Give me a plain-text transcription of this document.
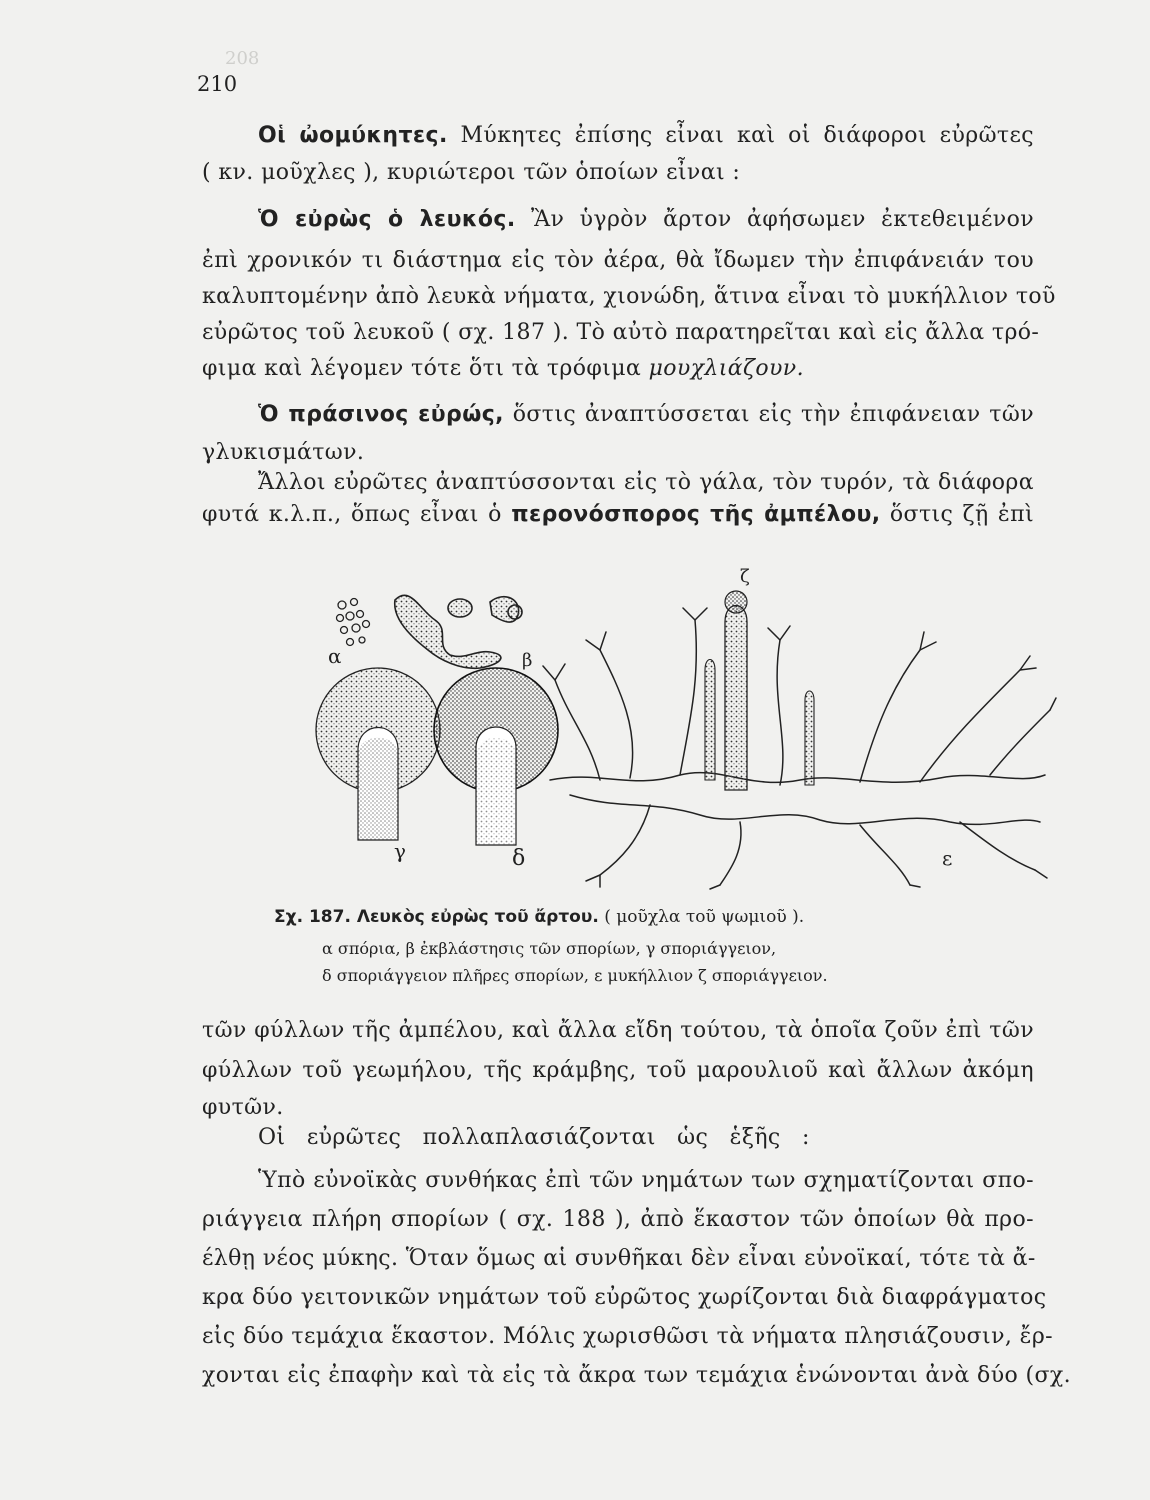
208
210
Οἱ ὠομύκητες. Μύκητες ἐπίσης εἶναι καὶ οἱ διάφοροι εὐρῶτες
( κν. μοῦχλες ), κυριώτεροι τῶν ὁποίων εἶναι :
Ὁ εὐρὼς ὁ λευκός. Ἂν ὑγρὸν ἄρτον ἀφήσωμεν ἐκτεθειμένον
ἐπὶ χρονικόν τι διάστημα εἰς τὸν ἀέρα, θὰ ἴδωμεν τὴν ἐπιφάνειάν του
καλυπτομένην ἀπὸ λευκὰ νήματα, χιονώδη, ἅτινα εἶναι τὸ μυκήλλιον τοῦ
εὐρῶτος τοῦ λευκοῦ ( σχ. 187 ). Τὸ αὐτὸ παρατηρεῖται καὶ εἰς ἄλλα τρό-
φιμα καὶ λέγομεν τότε ὅτι τὰ τρόφιμα μουχλιάζουν.
Ὁ πράσινος εὐρώς, ὅστις ἀναπτύσσεται εἰς τὴν ἐπιφάνειαν τῶν
γλυκισμάτων.
Ἄλλοι εὐρῶτες ἀναπτύσσονται εἰς τὸ γάλα, τὸν τυρόν, τὰ διάφορα
φυτά κ.λ.π., ὅπως εἶναι ὁ περονόσπορος τῆς ἀμπέλου, ὅστις ζῇ ἐπὶ
α	β
γ	δ
ζ
ε
Σχ. 187. Λευκὸς εὐρὼς τοῦ ἄρτου. ( μοῦχλα τοῦ ψωμιοῦ ).
α σπόρια, β ἐκβλάστησις τῶν σπορίων, γ σποριάγγειον,
δ σποριάγγειον πλῆρες σπορίων, ε μυκήλλιον ζ σποριάγγειον.
τῶν φύλλων τῆς ἀμπέλου, καὶ ἄλλα εἴδη τούτου, τὰ ὁποῖα ζοῦν ἐπὶ τῶν
φύλλων τοῦ γεωμήλου, τῆς κράμβης, τοῦ μαρουλιοῦ καὶ ἄλλων ἀκόμη
φυτῶν.
Οἱ εὐρῶτες πολλαπλασιάζονται ὡς ἑξῆς :
Ὑπὸ εὐνοϊκὰς συνθήκας ἐπὶ τῶν νημάτων των σχηματίζονται σπο-
ριάγγεια πλήρη σπορίων ( σχ. 188 ), ἀπὸ ἕκαστον τῶν ὁποίων θὰ προ-
έλθῃ νέος μύκης. Ὅταν ὅμως αἱ συνθῆκαι δὲν εἶναι εὐνοϊκαί, τότε τὰ ἄ-
κρα δύο γειτονικῶν νημάτων τοῦ εὐρῶτος χωρίζονται διὰ διαφράγματος
εἰς δύο τεμάχια ἕκαστον. Μόλις χωρισθῶσι τὰ νήματα πλησιάζουσιν, ἔρ-
χονται εἰς ἐπαφὴν καὶ τὰ εἰς τὰ ἄκρα των τεμάχια ἑνώνονται ἀνὰ δύο (σχ.
